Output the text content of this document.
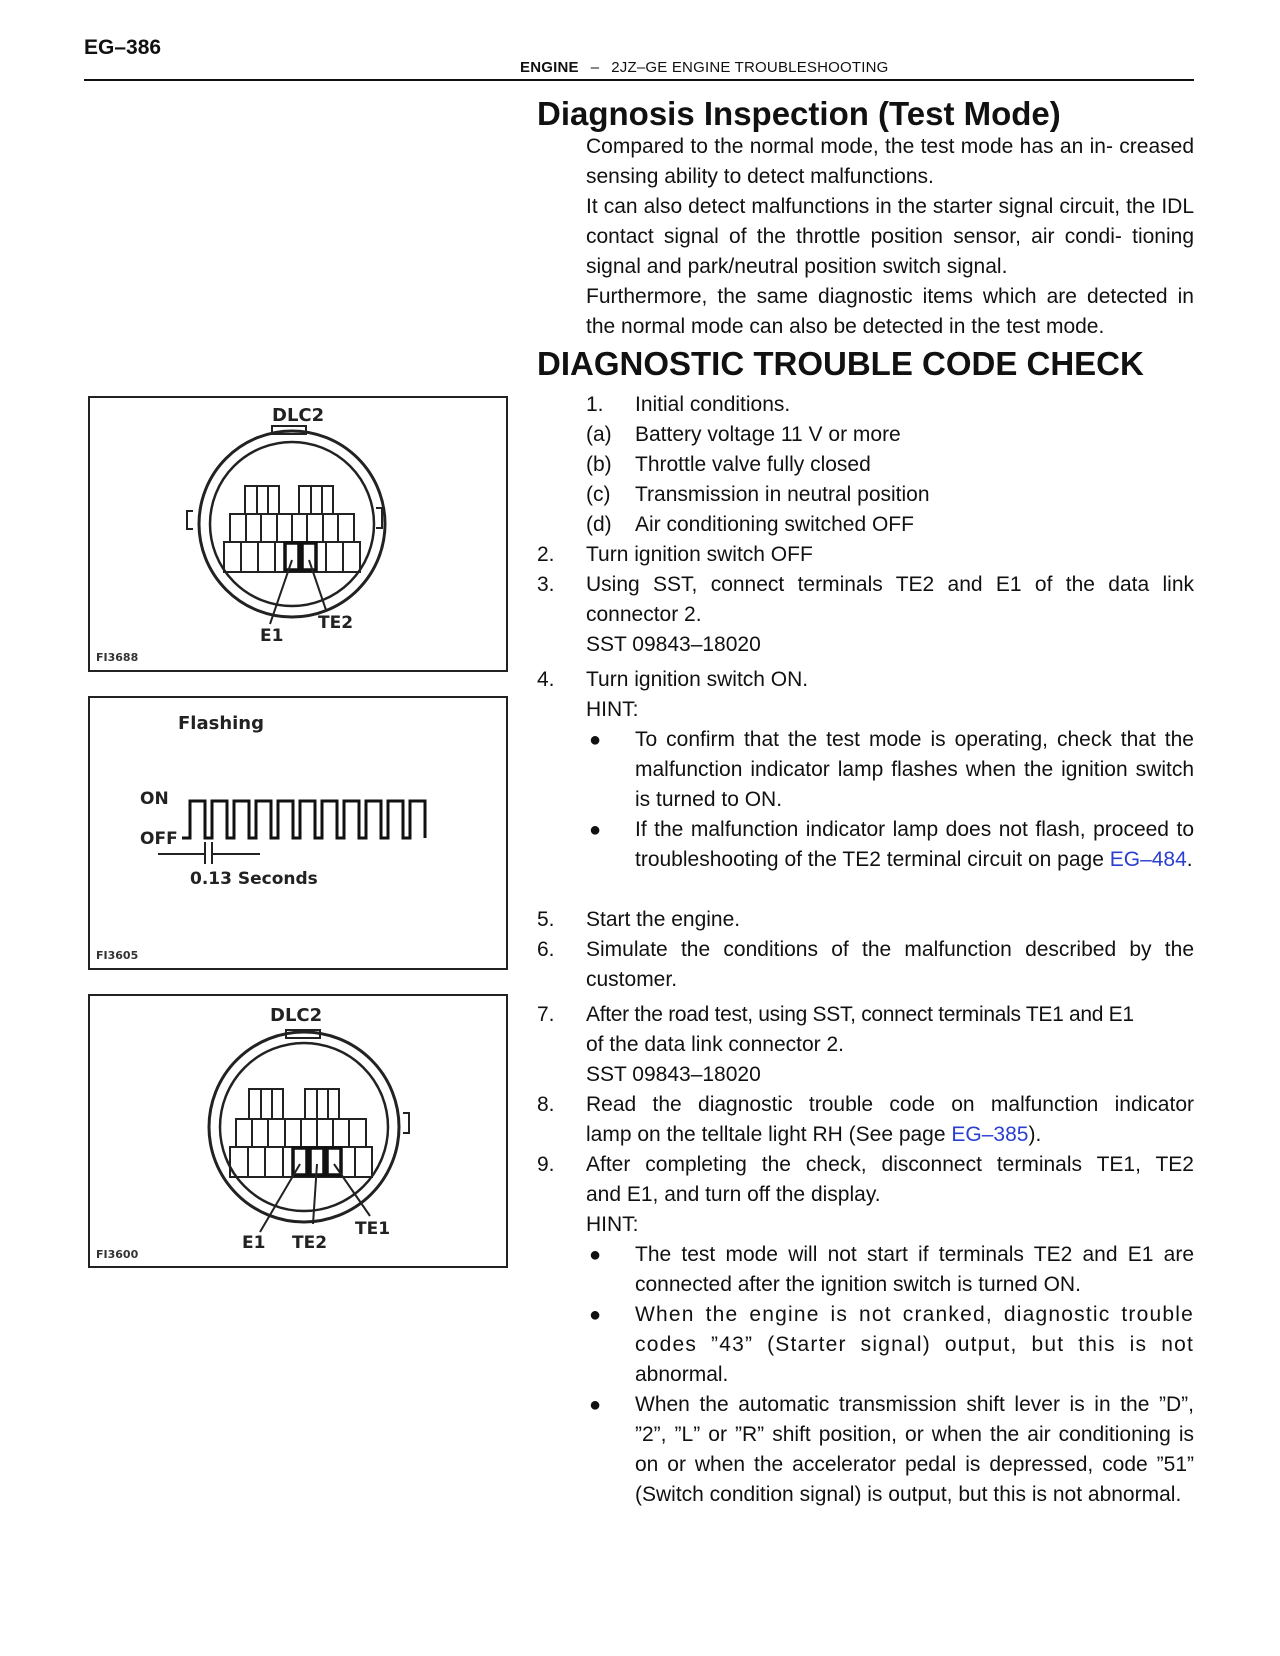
EG–386
ENGINE – 2JZ–GE ENGINE TROUBLESHOOTING
Diagnosis Inspection (Test Mode)

Compared to the normal mode, the test mode has an in- creased sensing ability to detect malfunctions.

It can also detect malfunctions in the starter signal circuit, the IDL contact signal of the throttle position sensor, air condi- tioning signal and park/neutral position switch signal.

Furthermore, the same diagnostic items which are detected in the normal mode can also be detected in the test mode.

DIAGNOSTIC TROUBLE CODE CHECK
1. Initial conditions.
(a) Battery voltage 11 V or more
(b) Throttle valve fully closed
(c) Transmission in neutral position
(d) Air conditioning switched OFF
2. Turn ignition switch OFF
3. Using SST, connect terminals TE2 and E1 of the data link
connector 2.
SST 09843–18020
4. Turn ignition switch ON.
HINT:
● To confirm that the test mode is operating, check that the malfunction indicator lamp flashes when the ignition switch is turned to ON.
● If the malfunction indicator lamp does not flash, proceed to troubleshooting of the TE2 terminal circuit on page EG–484.
5. Start the engine.
6. Simulate the conditions of the malfunction described by the
customer.
7. After the road test, using SST, connect terminals TE1 and E1
of the data link connector 2.
SST 09843–18020
8. Read the diagnostic trouble code on malfunction indicator
lamp on the telltale light RH (See page EG–385).
9. After completing the check, disconnect terminals TE1, TE2
and E1, and turn off the display.
HINT:
● The test mode will not start if terminals TE2 and E1 are connected after the ignition switch is turned ON.
● When the engine is not cranked, diagnostic trouble
codes ”43” (Starter signal) output, but this is not
abnormal.
● When the automatic transmission shift lever is in the ”D”, ”2”, ”L” or ”R” shift position, or when the air conditioning is on or when the accelerator pedal is depressed, code ”51” (Switch condition signal) is output, but this is not abnormal.
DLC2
E1
TE2
FI3688
Flashing
ON
OFF
0.13 Seconds
FI3605
DLC2
E1 TE2
TE1
FI3600
